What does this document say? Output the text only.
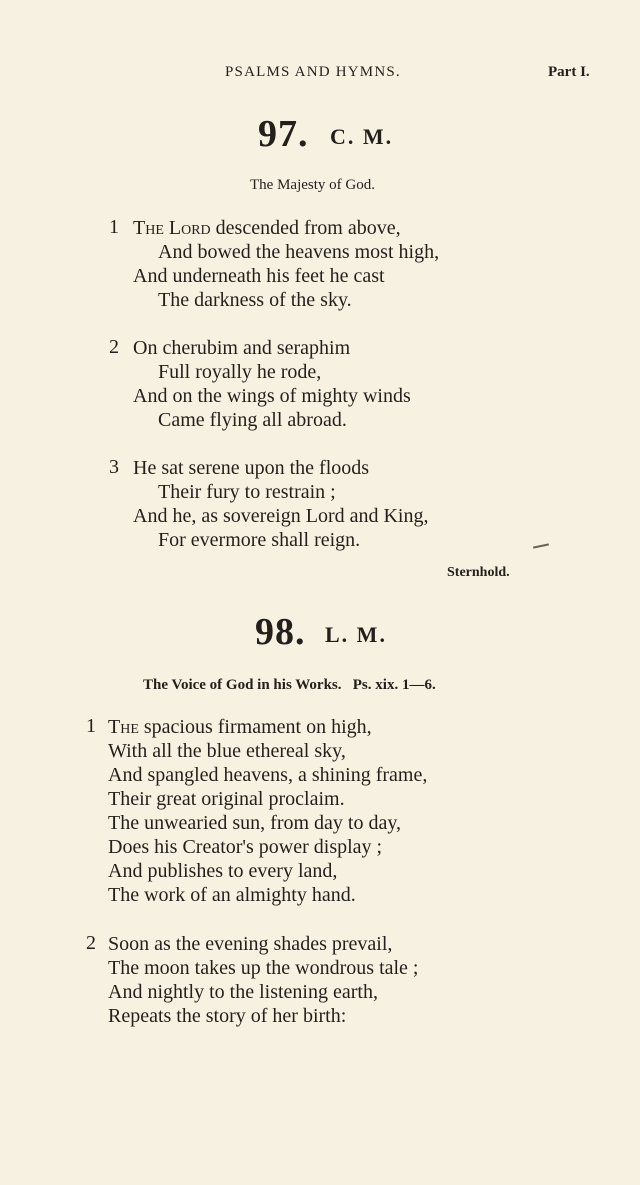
PSALMS AND HYMNS.	Part I.
97. C. M.
The Majesty of God.
1 The Lord descended from above,
And bowed the heavens most high,
And underneath his feet he cast
The darkness of the sky.
2 On cherubim and seraphim
Full royally he rode,
And on the wings of mighty winds
Came flying all abroad.
3 He sat serene upon the floods
Their fury to restrain ;
And he, as sovereign Lord and King,
For evermore shall reign.
Sternhold.
98. L. M.
The Voice of God in his Works.   Ps. xix. 1—6.
1 The spacious firmament on high,
With all the blue ethereal sky,
And spangled heavens, a shining frame,
Their great original proclaim.
The unwearied sun, from day to day,
Does his Creator's power display ;
And publishes to every land,
The work of an almighty hand.
2 Soon as the evening shades prevail,
The moon takes up the wondrous tale ;
And nightly to the listening earth,
Repeats the story of her birth:
